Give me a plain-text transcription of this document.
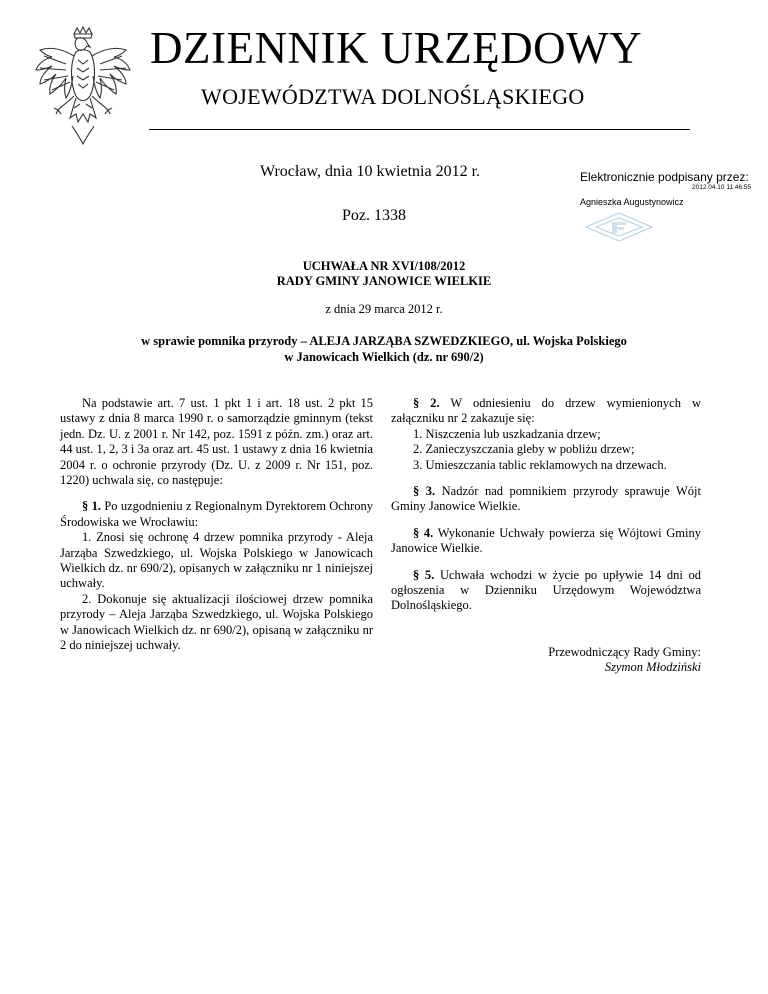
DZIENNIK URZĘDOWY
WOJEWÓDZTWA DOLNOŚLĄSKIEGO
Wrocław, dnia 10 kwietnia 2012 r.
Poz. 1338
Elektronicznie podpisany przez:
2012.04.10 11:46:55
Agnieszka Augustynowicz
UCHWAŁA NR XVI/108/2012
RADY GMINY JANOWICE WIELKIE
z dnia 29 marca 2012 r.
w sprawie pomnika przyrody – ALEJA JARZĄBA SZWEDZKIEGO, ul. Wojska Polskiego
w Janowicach Wielkich (dz. nr 690/2)

Na podstawie art. 7 ust. 1 pkt 1 i art. 18 ust. 2 pkt 15 ustawy z dnia 8 marca 1990 r. o samorządzie gminnym (tekst jedn. Dz. U. z 2001 r. Nr 142, poz. 1591 z późn. zm.) oraz art. 44 ust. 1, 2, 3 i 3a oraz art. 45 ust. 1 ustawy z dnia 16 kwietnia 2004 r. o ochronie przyrody (Dz. U. z 2009 r. Nr 151, poz. 1220) uchwala się, co następuje:

§ 1. Po uzgodnieniu z Regionalnym Dyrektorem Ochrony Środowiska we Wrocławiu:

1. Znosi się ochronę 4 drzew pomnika przyrody - Aleja Jarząba Szwedzkiego, ul. Wojska Polskiego w Janowicach Wielkich dz. nr 690/2), opisanych w załączniku nr 1 niniejszej uchwały.

2. Dokonuje się aktualizacji ilościowej drzew pomnika przyrody – Aleja Jarząba Szwedzkiego, ul. Wojska Polskiego w Janowicach Wielkich dz. nr 690/2), opisaną w załączniku nr 2 do niniejszej uchwały.

§ 2. W odniesieniu do drzew wymienionych w załączniku nr 2 zakazuje się:

1. Niszczenia lub uszkadzania drzew;

2. Zanieczyszczania gleby w pobliżu drzew;

3. Umieszczania tablic reklamowych na drzewach.

§ 3. Nadzór nad pomnikiem przyrody sprawuje Wójt Gminy Janowice Wielkie.

§ 4. Wykonanie Uchwały powierza się Wójtowi Gminy Janowice Wielkie.

§ 5. Uchwała wchodzi w życie po upływie 14 dni od ogłoszenia w Dzienniku Urzędowym Województwa Dolnośląskiego.

Przewodniczący Rady Gminy:
Szymon Młodziński
